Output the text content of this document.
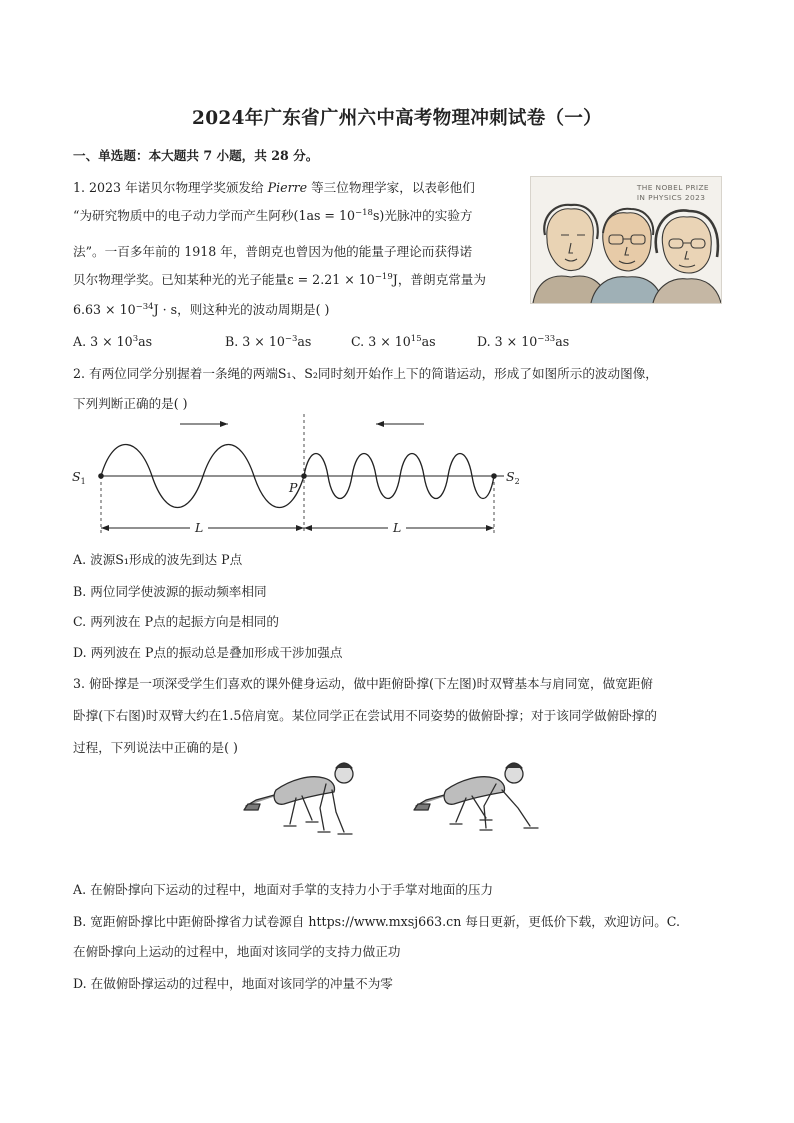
2024年广东省广州六中高考物理冲刺试卷（一）
一、单选题：本大题共 7 小题，共 28 分。
1. 2023 年诺贝尔物理学奖颁发给 Pierre 等三位物理学家，以表彰他们
“为研究物质中的电子动力学而产生阿秒$(1as = 10^{-18}s)$光脉冲的实验方
法”。一百多年前的 1918 年，普朗克也曾因为他的能量子理论而获得诺
贝尔物理学奖。已知某种光的光子能量$\varepsilon = 2.21 \times 10^{-19}J$，普朗克常量为
$6.63 \times 10^{-34}J \cdot s$，则这种光的波动周期是( )
A. $3 \times 10^3as$	B. $3 \times 10^{-3}as$	C. $3 \times 10^{15}as$	D. $3 \times 10^{-33}as$
THE NOBEL PRIZE
IN PHYSICS 2023
2. 有两位同学分别握着一条绳的两端S₁、S₂同时刻开始作上下的简谐运动，形成了如图所示的波动图像，
下列判断正确的是( )
$S_1$	$S_2$
P
L	L
A. 波源S₁形成的波先到达 P点
B. 两位同学使波源的振动频率相同
C. 两列波在 P点的起振方向是相同的
D. 两列波在 P点的振动总是叠加形成干涉加强点
3. 俯卧撑是一项深受学生们喜欢的课外健身运动，做中距俯卧撑(下左图)时双臂基本与肩同宽，做宽距俯
卧撑(下右图)时双臂大约在1.5倍肩宽。某位同学正在尝试用不同姿势的做俯卧撑；对于该同学做俯卧撑的
过程，下列说法中正确的是( )
A. 在俯卧撑向下运动的过程中，地面对手掌的支持力小于手掌对地面的压力
B. 宽距俯卧撑比中距俯卧撑省力试卷源自 https://www.mxsj663.cn 每日更新，更低价下载，欢迎访问。C.
在俯卧撑向上运动的过程中，地面对该同学的支持力做正功
D. 在做俯卧撑运动的过程中，地面对该同学的冲量不为零
